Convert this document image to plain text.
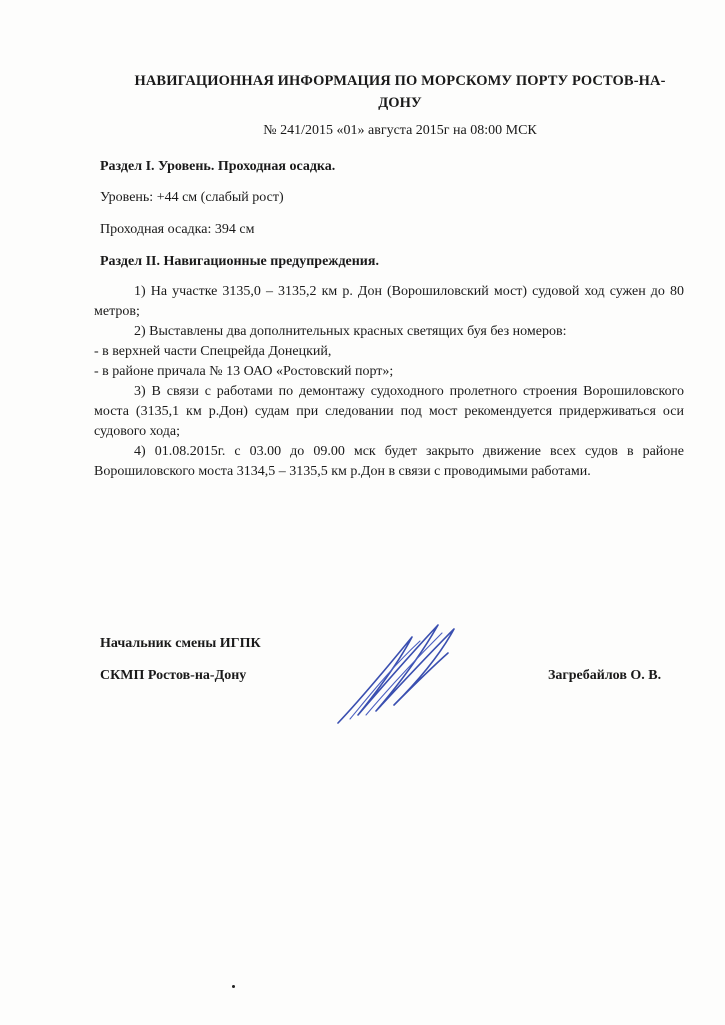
НАВИГАЦИОННАЯ ИНФОРМАЦИЯ ПО МОРСКОМУ ПОРТУ РОСТОВ-НА-
ДОНУ
№ 241/2015 «01» августа 2015г на 08:00 МСК
Раздел I. Уровень. Проходная осадка.
Уровень: +44 см (слабый рост)
Проходная осадка: 394 см
Раздел II. Навигационные предупреждения.

1) На участке 3135,0 – 3135,2 км р. Дон (Ворошиловский мост) судовой ход сужен до 80 метров;

2) Выставлены два дополнительных красных светящих буя без номеров:

- в верхней части Спецрейда Донецкий,

- в районе причала № 13 ОАО «Ростовский порт»;

3) В связи с работами по демонтажу судоходного пролетного строения Ворошиловского моста (3135,1 км р.Дон) судам при следовании под мост рекомендуется придерживаться оси судового хода;

4) 01.08.2015г. с 03.00 до 09.00 мск будет закрыто движение всех судов в районе Ворошиловского моста 3134,5 – 3135,5 км р.Дон в связи с проводимыми работами.

Начальник смены ИГПК
СКМП Ростов-на-Дону	Загребайлов О. В.
